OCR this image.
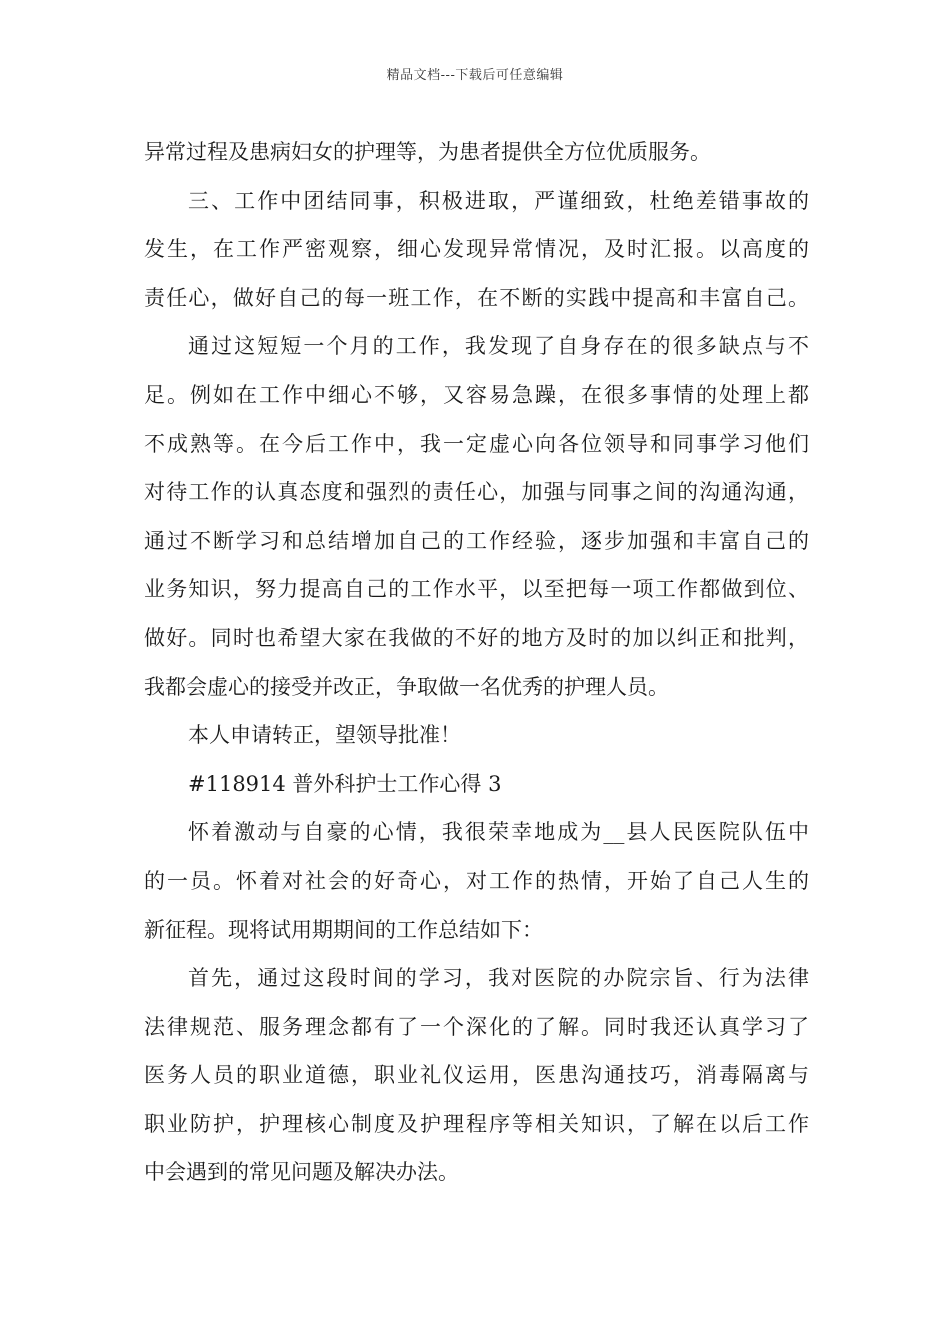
精品文档---下载后可任意编辑
异常过程及患病妇女的护理等，为患者提供全方位优质服务。
三、工作中团结同事，积极进取，严谨细致，杜绝差错事故的
发生，在工作严密观察，细心发现异常情况，及时汇报。以高度的
责任心，做好自己的每一班工作，在不断的实践中提高和丰富自己。
通过这短短一个月的工作，我发现了自身存在的很多缺点与不
足。例如在工作中细心不够，又容易急躁，在很多事情的处理上都
不成熟等。在今后工作中，我一定虚心向各位领导和同事学习他们
对待工作的认真态度和强烈的责任心，加强与同事之间的沟通沟通，
通过不断学习和总结增加自己的工作经验，逐步加强和丰富自己的
业务知识，努力提高自己的工作水平，以至把每一项工作都做到位、
做好。同时也希望大家在我做的不好的地方及时的加以纠正和批判，
我都会虚心的接受并改正，争取做一名优秀的护理人员。
本人申请转正，望领导批准！
#118914 普外科护士工作心得 3
怀着激动与自豪的心情，我很荣幸地成为__县人民医院队伍中
的一员。怀着对社会的好奇心，对工作的热情，开始了自己人生的
新征程。现将试用期期间的工作总结如下：
首先，通过这段时间的学习，我对医院的办院宗旨、行为法律
法律规范、服务理念都有了一个深化的了解。同时我还认真学习了
医务人员的职业道德，职业礼仪运用，医患沟通技巧，消毒隔离与
职业防护，护理核心制度及护理程序等相关知识，了解在以后工作
中会遇到的常见问题及解决办法。
